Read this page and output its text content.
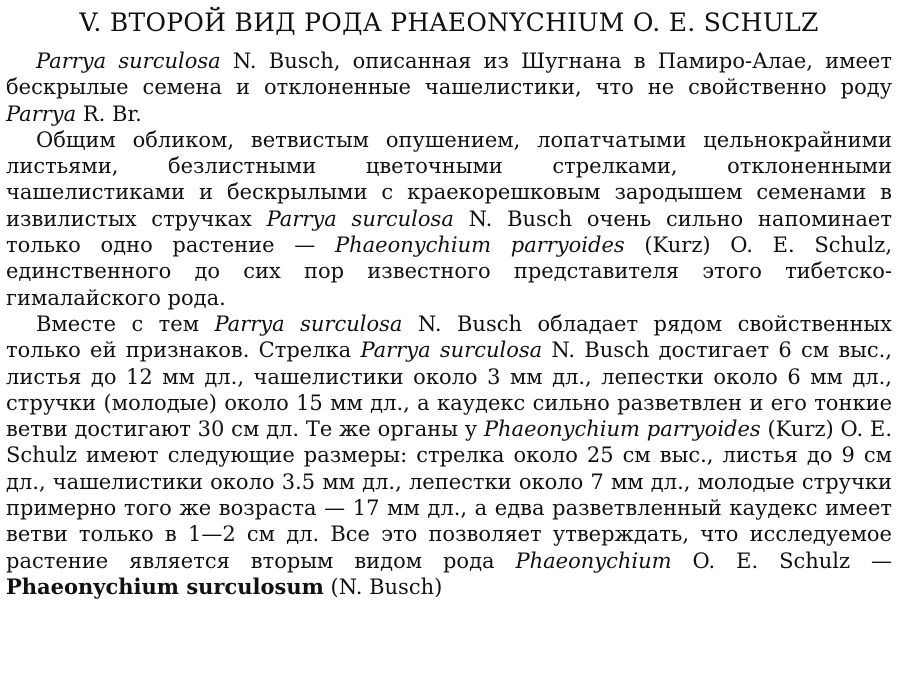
V. ВТОРОЙ ВИД РОДА PHAEONYCHIUM O. E. SCHULZ

Parrya surculosa N. Busch, описанная из Шугнана в Памиро-Алае, имеет бескрылые семена и отклоненные чашелистики, что не свойственно роду Parrya R. Br.

Общим обликом, ветвистым опушением, лопатчатыми цельнокрайними листьями, безлистными цветочными стрелками, отклоненными чашелистиками и бескрылыми с краекорешковым зародышем семенами в извилистых стручках Parrya surculosa N. Busch очень сильно напоминает только одно растение — Phaeonychium parryoides (Kurz) O. E. Schulz, единственного до сих пор известного представителя этого тибетско-гималайского рода.

Вместе с тем Parrya surculosa N. Busch обладает рядом свойственных только ей признаков. Стрелка Parrya surculosa N. Busch достигает 6 см выс., листья до 12 мм дл., чашелистики около 3 мм дл., лепестки около 6 мм дл., стручки (молодые) около 15 мм дл., а каудекс сильно разветвлен и его тонкие ветви достигают 30 см дл. Те же органы у Phaeonychium parryoides (Kurz) O. E. Schulz имеют следующие размеры: стрелка около 25 см выс., листья до 9 см дл., чашелистики около 3.5 мм дл., лепестки около 7 мм дл., молодые стручки примерно того же возраста — 17 мм дл., а едва разветвленный каудекс имеет ветви только в 1—2 см дл. Все это позволяет утверждать, что исследуемое растение является вторым видом рода Phaeonychium O. E. Schulz — Phaeonychium surculosum (N. Busch)
